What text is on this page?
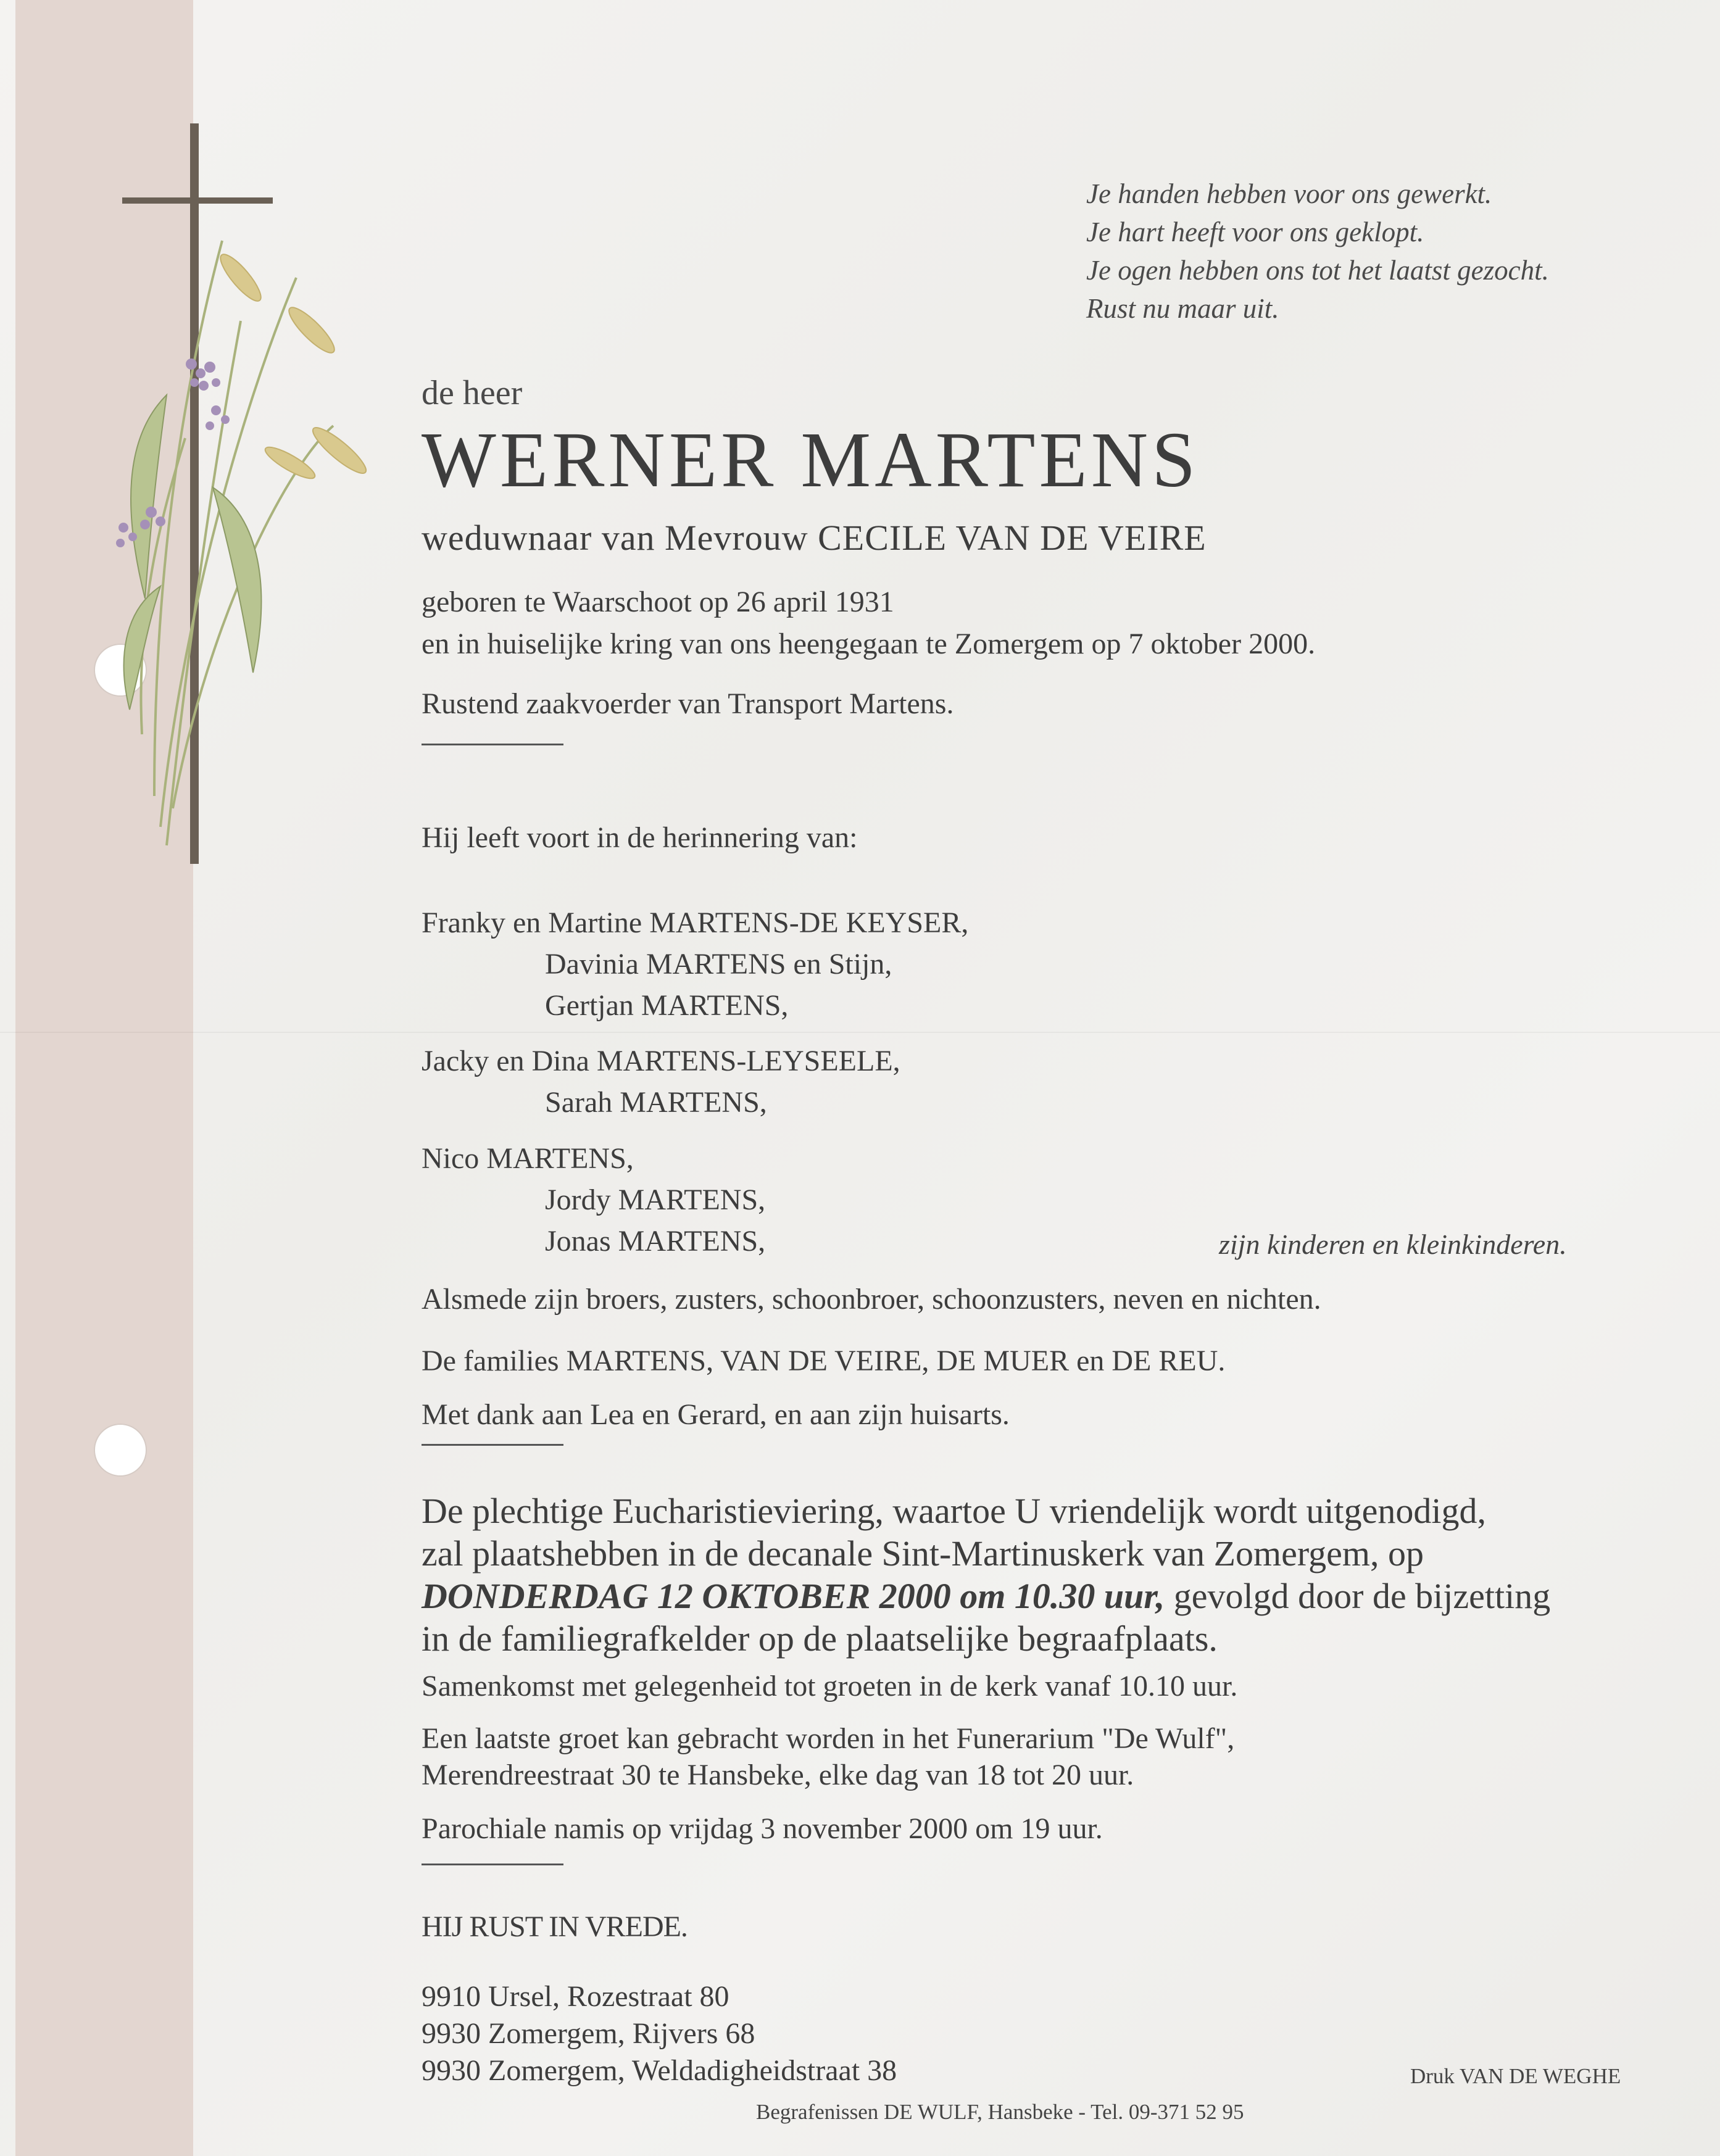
Je handen hebben voor ons gewerkt.
Je hart heeft voor ons geklopt.
Je ogen hebben ons tot het laatst gezocht.
Rust nu maar uit.
de heer
WERNER MARTENS
weduwnaar van Mevrouw CECILE VAN DE VEIRE
geboren te Waarschoot op 26 april 1931
en in huiselijke kring van ons heengegaan te Zomergem op 7 oktober 2000.
Rustend zaakvoerder van Transport Martens.
Hij leeft voort in de herinnering van:
Franky en Martine MARTENS-DE KEYSER,
Davinia MARTENS en Stijn,
Gertjan MARTENS,
Jacky en Dina MARTENS-LEYSEELE,
Sarah MARTENS,
Nico MARTENS,
Jordy MARTENS,
Jonas MARTENS,	zijn kinderen en kleinkinderen.
Alsmede zijn broers, zusters, schoonbroer, schoonzusters, neven en nichten.
De families MARTENS, VAN DE VEIRE, DE MUER en DE REU.
Met dank aan Lea en Gerard, en aan zijn huisarts.
De plechtige Eucharistieviering, waartoe U vriendelijk wordt uitgenodigd,
zal plaatshebben in de decanale Sint-Martinuskerk van Zomergem, op
DONDERDAG 12 OKTOBER 2000 om 10.30 uur, gevolgd door de bijzetting
in de familiegrafkelder op de plaatselijke begraafplaats.
Samenkomst met gelegenheid tot groeten in de kerk vanaf 10.10 uur.
Een laatste groet kan gebracht worden in het Funerarium "De Wulf",
Merendreestraat 30 te Hansbeke, elke dag van 18 tot 20 uur.
Parochiale namis op vrijdag 3 november 2000 om 19 uur.
HIJ RUST IN VREDE.
9910 Ursel, Rozestraat 80
9930 Zomergem, Rijvers 68
9930 Zomergem, Weldadigheidstraat 38	Druk VAN DE WEGHE
Begrafenissen DE WULF, Hansbeke - Tel. 09-371 52 95
